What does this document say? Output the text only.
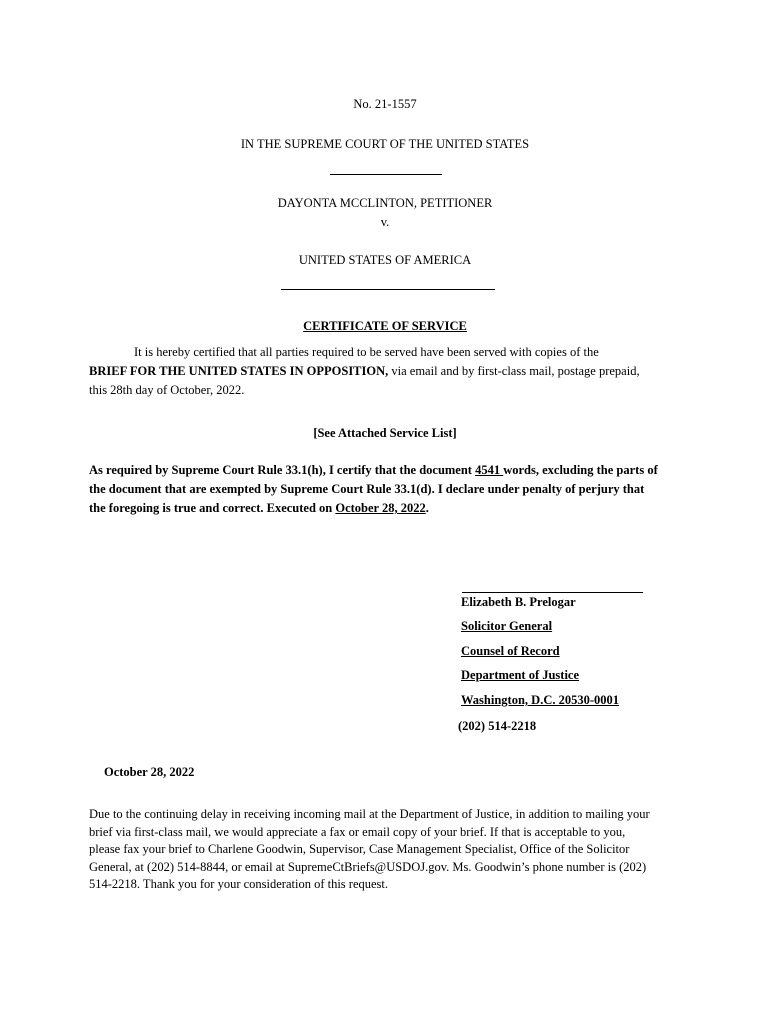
No. 21-1557
IN THE SUPREME COURT OF THE UNITED STATES
DAYONTA MCCLINTON, PETITIONER
v.
UNITED STATES OF AMERICA
CERTIFICATE OF SERVICE
It is hereby certified that all parties required to be served have been served with copies of the
BRIEF FOR THE UNITED STATES IN OPPOSITION, via email and by first-class mail, postage prepaid,
this 28th day of October, 2022.
[See Attached Service List]
As required by Supreme Court Rule 33.1(h), I certify that the document 4541 words, excluding the parts of
the document that are exempted by Supreme Court Rule 33.1(d). I declare under penalty of perjury that
the foregoing is true and correct. Executed on October 28, 2022.
Elizabeth B. Prelogar
Solicitor General
Counsel of Record
Department of Justice
Washington, D.C. 20530-0001
(202) 514-2218
October 28, 2022
Due to the continuing delay in receiving incoming mail at the Department of Justice, in addition to mailing your
brief via first-class mail, we would appreciate a fax or email copy of your brief. If that is acceptable to you,
please fax your brief to Charlene Goodwin, Supervisor, Case Management Specialist, Office of the Solicitor
General, at (202) 514-8844, or email at SupremeCtBriefs@USDOJ.gov. Ms. Goodwin’s phone number is (202)
514-2218. Thank you for your consideration of this request.
